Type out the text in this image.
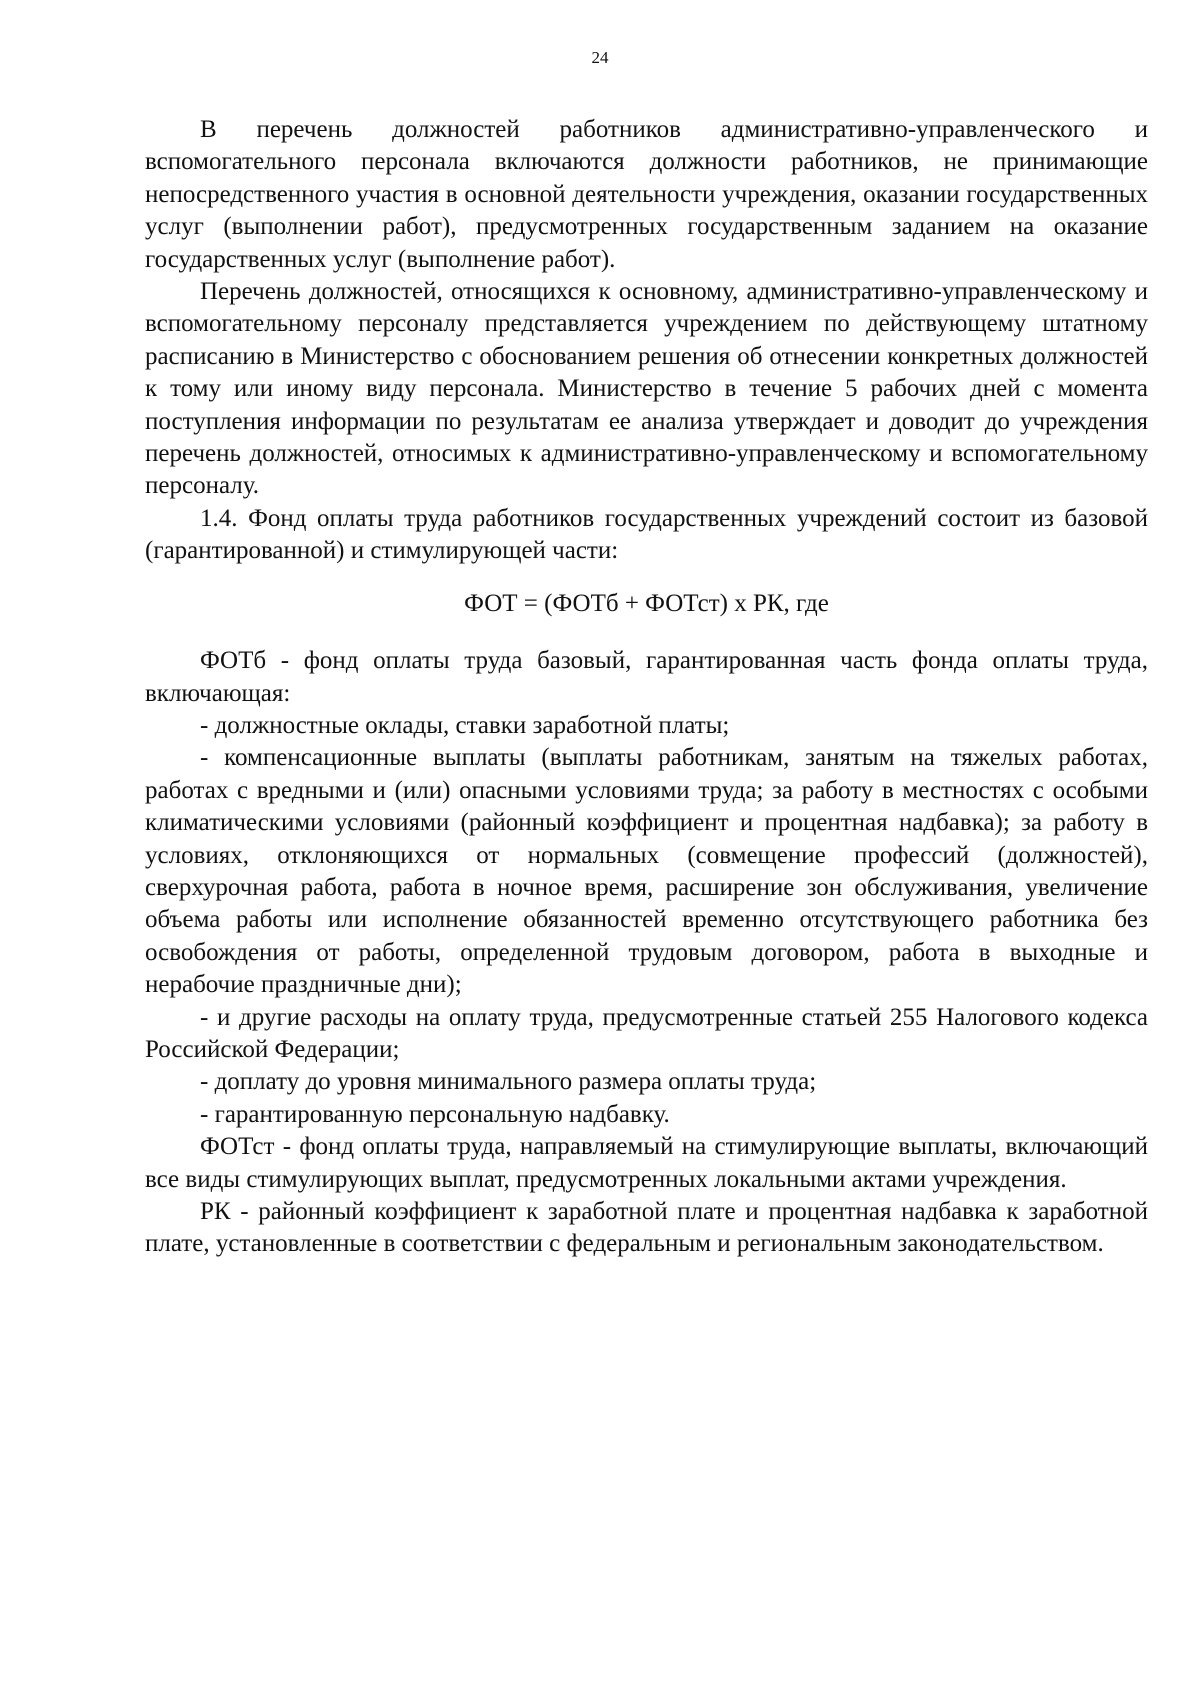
24

В перечень должностей работников административно-управленческого и вспомогательного персонала включаются должности работников, не принимающие непосредственного участия в основной деятельности учреждения, оказании государственных услуг (выполнении работ), предусмотренных государственным заданием на оказание государственных услуг (выполнение работ).

Перечень должностей, относящихся к основному, административно-управленческому и вспомогательному персоналу представляется учреждением по действующему штатному расписанию в Министерство с обоснованием решения об отнесении конкретных должностей к тому или иному виду персонала. Министерство в течение 5 рабочих дней с момента поступления информации по результатам ее анализа утверждает и доводит до учреждения перечень должностей, относимых к административно-управленческому и вспомогательному персоналу.

1.4. Фонд оплаты труда работников государственных учреждений состоит из базовой (гарантированной) и стимулирующей части:

ФОТ = (ФОТб + ФОТст) х РК, где

ФОТб - фонд оплаты труда базовый, гарантированная часть фонда оплаты труда, включающая:

- должностные оклады, ставки заработной платы;

- компенсационные выплаты (выплаты работникам, занятым на тяжелых работах, работах с вредными и (или) опасными условиями труда; за работу в местностях с особыми климатическими условиями (районный коэффициент и процентная надбавка); за работу в условиях, отклоняющихся от нормальных (совмещение профессий (должностей), сверхурочная работа, работа в ночное время, расширение зон обслуживания, увеличение объема работы или исполнение обязанностей временно отсутствующего работника без освобождения от работы, определенной трудовым договором, работа в выходные и нерабочие праздничные дни);

- и другие расходы на оплату труда, предусмотренные статьей 255 Налогового кодекса Российской Федерации;

- доплату до уровня минимального размера оплаты труда;

- гарантированную персональную надбавку.

ФОТст - фонд оплаты труда, направляемый на стимулирующие выплаты, включающий все виды стимулирующих выплат, предусмотренных локальными актами учреждения.

РК - районный коэффициент к заработной плате и процентная надбавка к заработной плате, установленные в соответствии с федеральным и региональным законодательством.
